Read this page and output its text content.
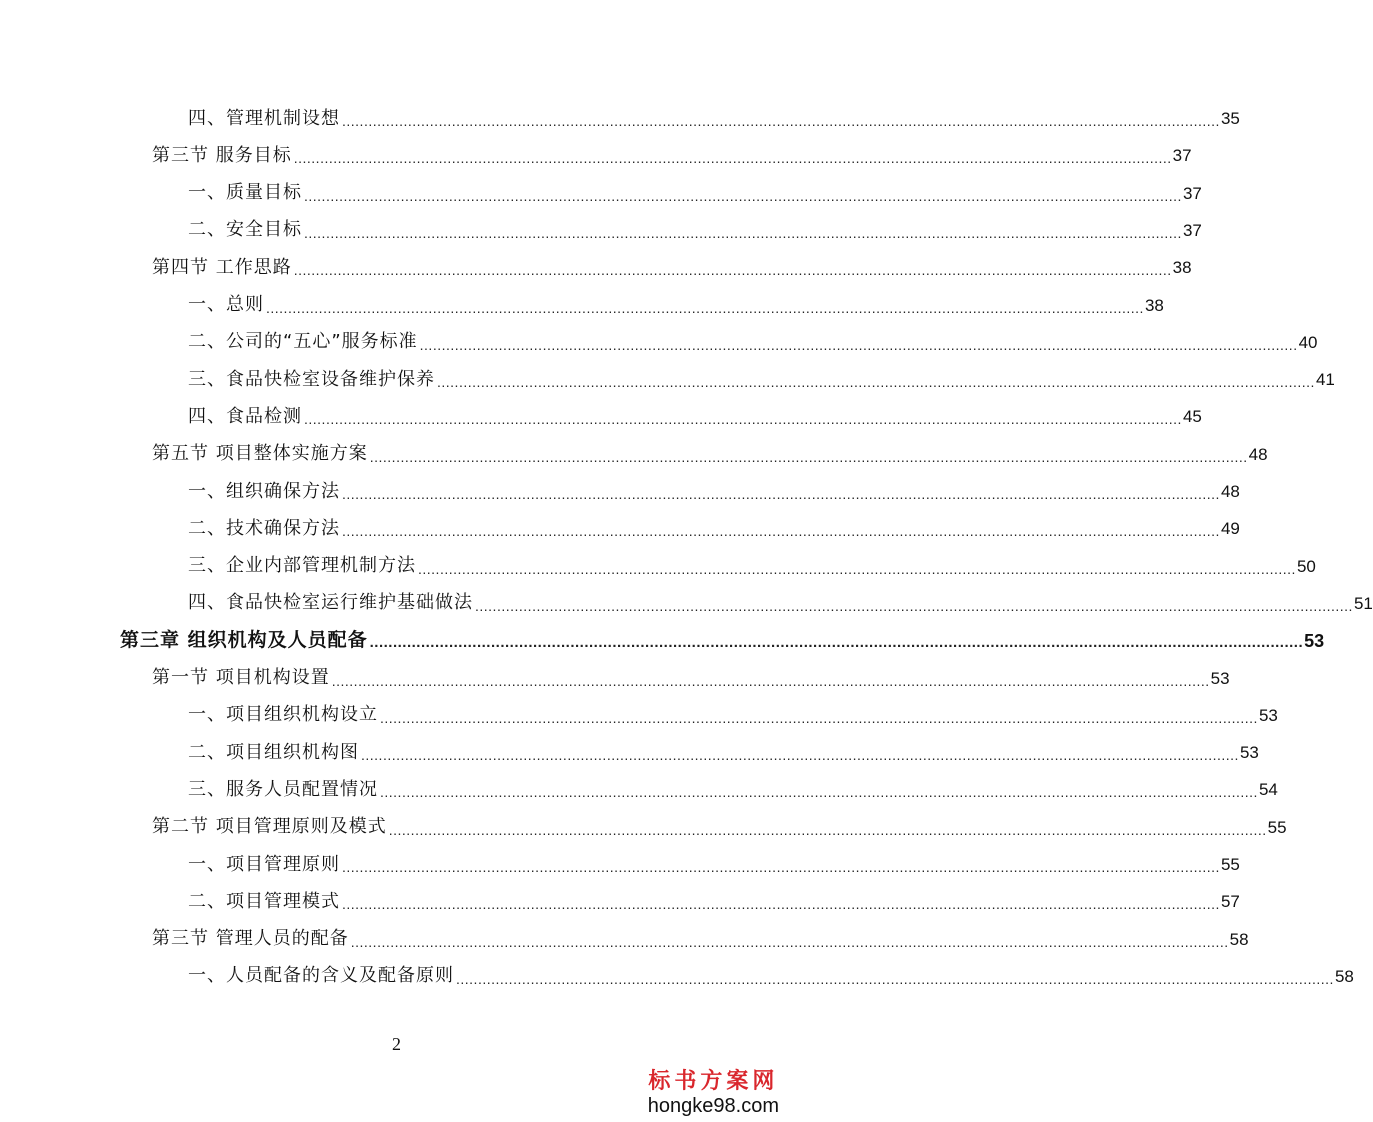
四、管理机制设想 ........................................................................................................................................................................................................ 35
第三节 服务目标 ........................................................................................................................................................................................................ 37
一、质量目标 ........................................................................................................................................................................................................ 37
二、安全目标 ........................................................................................................................................................................................................ 37
第四节 工作思路 ........................................................................................................................................................................................................ 38
一、总则 ........................................................................................................................................................................................................ 38
二、公司的“五心”服务标准 ........................................................................................................................................................................................................ 40
三、食品快检室设备维护保养 ........................................................................................................................................................................................................ 41
四、食品检测 ........................................................................................................................................................................................................ 45
第五节 项目整体实施方案 ........................................................................................................................................................................................................ 48
一、组织确保方法 ........................................................................................................................................................................................................ 48
二、技术确保方法 ........................................................................................................................................................................................................ 49
三、企业内部管理机制方法 ........................................................................................................................................................................................................ 50
四、食品快检室运行维护基础做法 ........................................................................................................................................................................................................ 51
第三章 组织机构及人员配备 ........................................................................................................................................................................................................ 53
第一节 项目机构设置 ........................................................................................................................................................................................................ 53
一、项目组织机构设立 ........................................................................................................................................................................................................ 53
二、项目组织机构图 ........................................................................................................................................................................................................ 53
三、服务人员配置情况 ........................................................................................................................................................................................................ 54
第二节 项目管理原则及模式 ........................................................................................................................................................................................................ 55
一、项目管理原则 ........................................................................................................................................................................................................ 55
二、项目管理模式 ........................................................................................................................................................................................................ 57
第三节 管理人员的配备 ........................................................................................................................................................................................................ 58
一、人员配备的含义及配备原则 ........................................................................................................................................................................................................ 58
2
标书方案网
hongke98.com
